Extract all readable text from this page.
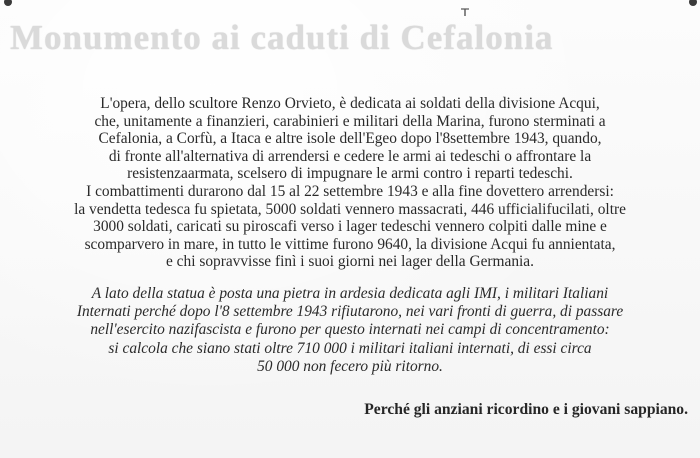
Monumento ai caduti di Cefalonia

L'opera, dello scultore Renzo Orvieto, è dedicata ai soldati della divisione Acqui,

che, unitamente a finanzieri, carabinieri e militari della Marina, furono sterminati a

Cefalonia, a Corfù, a Itaca e altre isole dell'Egeo dopo l'8settembre 1943, quando,

di fronte all'alternativa di arrendersi e cedere le armi ai tedeschi o affrontare la

resistenzaarmata, scelsero di impugnare le armi contro i reparti tedeschi.

I combattimenti durarono dal 15 al 22 settembre 1943 e alla fine dovettero arrendersi:

la vendetta tedesca fu spietata, 5000 soldati vennero massacrati, 446 ufficialifucilati, oltre

3000 soldati, caricati su piroscafi verso i lager tedeschi vennero colpiti dalle mine e

scomparvero in mare, in tutto le vittime furono 9640, la divisione Acqui fu annientata,

e chi sopravvisse finì i suoi giorni nei lager della Germania.

A lato della statua è posta una pietra in ardesia dedicata agli IMI, i militari Italiani

Internati perché dopo l'8 settembre 1943 rifiutarono, nei vari fronti di guerra, di passare

nell'esercito nazifascista e furono per questo internati nei campi di concentramento:

si calcola che siano stati oltre 710 000 i militari italiani internati, di essi circa

50 000 non fecero più ritorno.

Perché gli anziani ricordino e i giovani sappiano.
